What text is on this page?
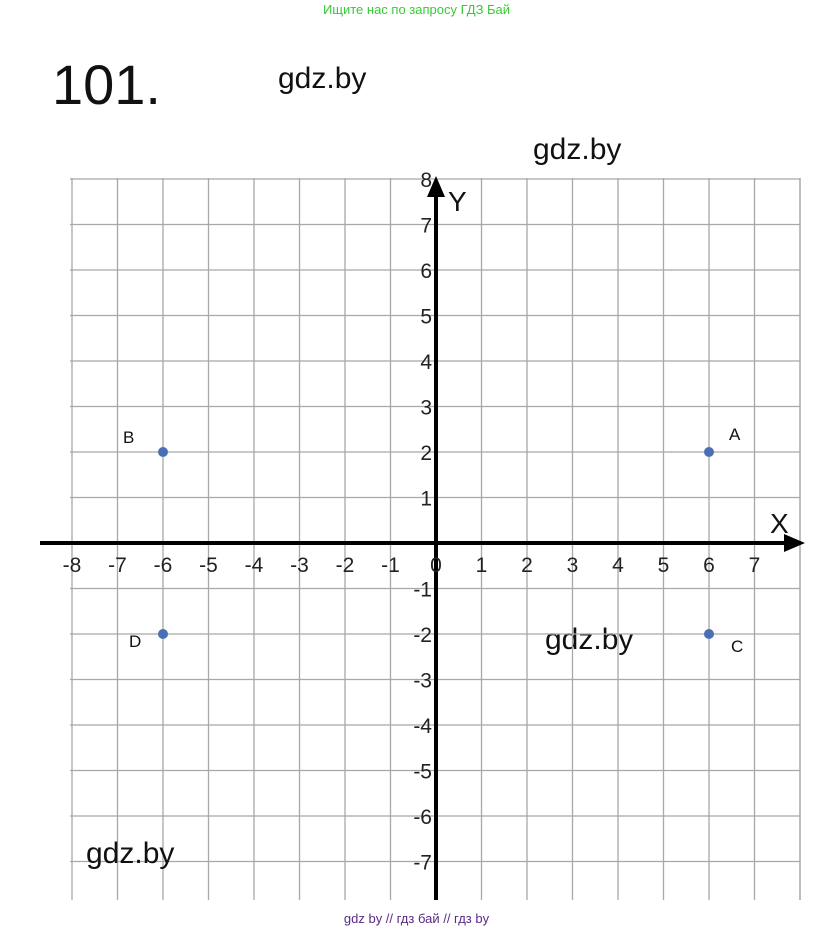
Ищите нас по запросу ГДЗ Бай
101.	gdz.by
gdz.by
gdz.by
X
Y
-8 -7 -6 -5 -4 -3 -2 -1 0 1 2 3 4 5 6 7
8
7
6
5
4
3
2
1
-1
-2
-3
-4
-5
-6
-7
A
B
C
D
gdz.by
gdz by // гдз бай // гдз by
